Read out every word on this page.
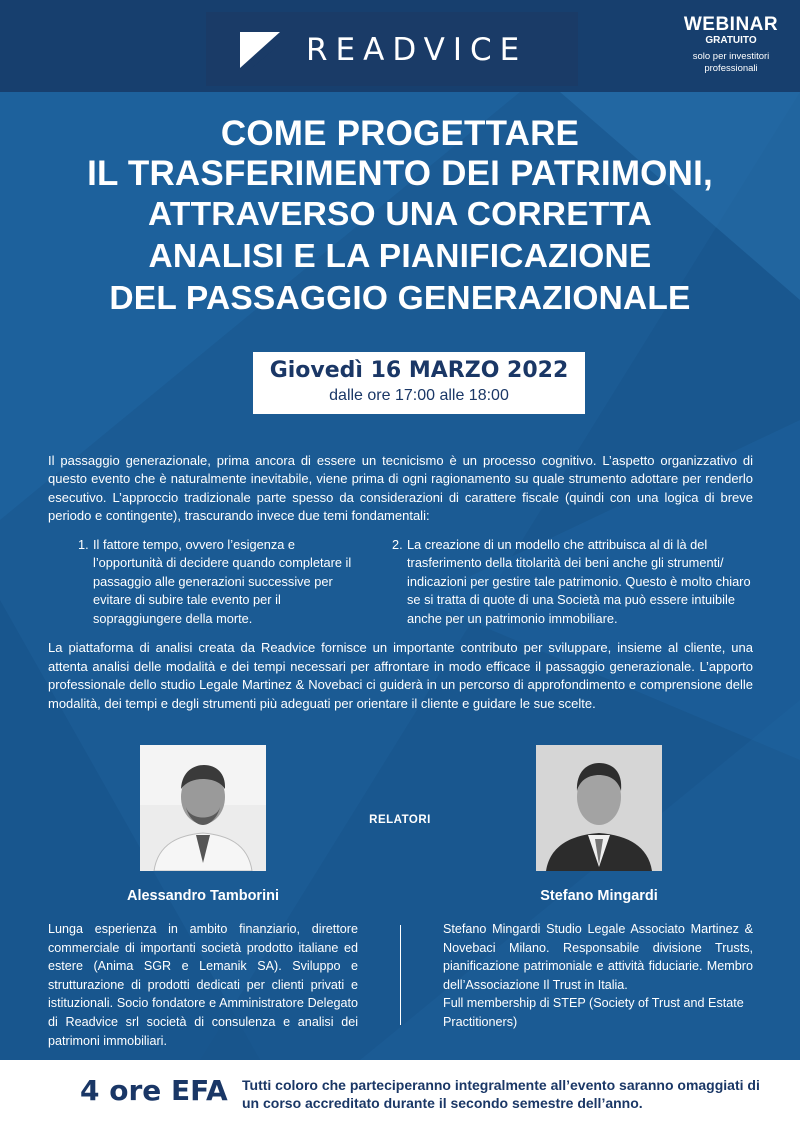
READVICE
WEBINAR
GRATUITO
solo per investitori
professionali
COME PROGETTARE
IL TRASFERIMENTO DEI PATRIMONI,
ATTRAVERSO UNA CORRETTA
ANALISI E LA PIANIFICAZIONE
DEL PASSAGGIO GENERAZIONALE
Giovedì 16 MARZO 2022
dalle ore 17:00 alle 18:00
Il passaggio generazionale, prima ancora di essere un tecnicismo è un processo cognitivo. L’aspetto organizzativo di questo evento che è naturalmente inevitabile, viene prima di ogni ragionamento su quale strumento adottare per renderlo esecutivo. L’approccio tradizionale parte spesso da considerazioni di carattere fiscale (quindi con una logica di breve periodo e contingente), trascurando invece due temi fondamentali:
1. Il fattore tempo, ovvero l’esigenza e l’opportunità di decidere quando completare il passaggio alle generazioni successive per evitare di subire tale evento per il sopraggiungere della morte.
2. La creazione di un modello che attribuisca al di là del trasferimento della titolarità dei beni anche gli strumenti/ indicazioni per gestire tale patrimonio. Questo è molto chiaro se si tratta di quote di una Società ma può essere intuibile anche per un patrimonio immobiliare.
La piattaforma di analisi creata da Readvice fornisce un importante contributo per sviluppare, insieme al cliente, una attenta analisi delle modalità e dei tempi necessari per affrontare in modo efficace il passaggio generazionale. L’apporto professionale dello studio Legale Martinez & Novebaci ci guiderà in un percorso di approfondimento e comprensione delle modalità, dei tempi e degli strumenti più adeguati per orientare il cliente e guidare le sue scelte.
RELATORI
Alessandro Tamborini	Stefano Mingardi
Lunga esperienza in ambito finanziario, direttore commerciale di importanti società prodotto italiane ed estere (Anima SGR e Lemanik SA). Sviluppo e strutturazione di prodotti dedicati per clienti privati e istituzionali. Socio fondatore e Amministratore Delegato di Readvice srl società di consulenza e analisi dei patrimoni immobiliari.
Stefano Mingardi Studio Legale Associato Martinez & Novebaci Milano. Responsabile divisione Trusts, pianificazione patrimoniale e attività fiduciarie. Membro dell’Associazione Il Trust in Italia.
Full membership di STEP (Society of Trust and Estate Practitioners)
4 ore EFA Tutti coloro che parteciperanno integralmente all’evento saranno omaggiati di un corso accreditato durante il secondo semestre dell’anno.
